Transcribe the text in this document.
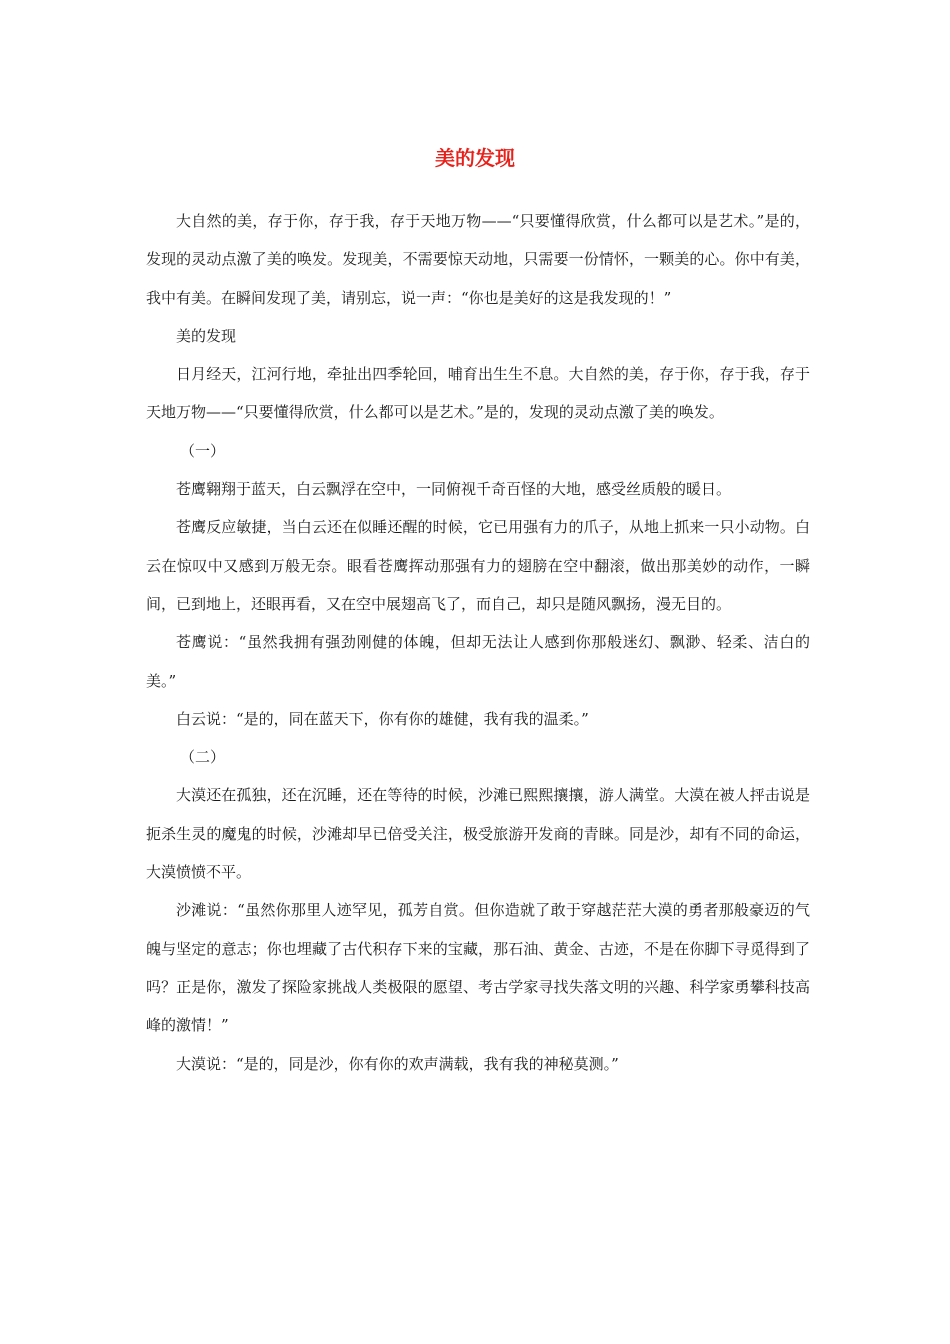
美的发现

大自然的美，存于你，存于我，存于天地万物——“只要懂得欣赏，什么都可以是艺术。”是的，发现的灵动点激了美的唤发。发现美，不需要惊天动地，只需要一份情怀，一颗美的心。你中有美，我中有美。在瞬间发现了美，请别忘，说一声：“你也是美好的这是我发现的！”

美的发现

日月经天，江河行地，牵扯出四季轮回，哺育出生生不息。大自然的美，存于你，存于我，存于天地万物——“只要懂得欣赏，什么都可以是艺术。”是的，发现的灵动点激了美的唤发。

（一）

苍鹰翱翔于蓝天，白云飘浮在空中，一同俯视千奇百怪的大地，感受丝质般的暖日。

苍鹰反应敏捷，当白云还在似睡还醒的时候，它已用强有力的爪子，从地上抓来一只小动物。白云在惊叹中又感到万般无奈。眼看苍鹰挥动那强有力的翅膀在空中翻滚，做出那美妙的动作，一瞬间，已到地上，还眼再看，又在空中展翅高飞了，而自己，却只是随风飘扬，漫无目的。

苍鹰说：“虽然我拥有强劲刚健的体魄，但却无法让人感到你那般迷幻、飘渺、轻柔、洁白的美。”

白云说：“是的，同在蓝天下，你有你的雄健，我有我的温柔。”

（二）

大漠还在孤独，还在沉睡，还在等待的时候，沙滩已熙熙攘攘，游人满堂。大漠在被人抨击说是扼杀生灵的魔鬼的时候，沙滩却早已倍受关注，极受旅游开发商的青睐。同是沙，却有不同的命运，大漠愤愤不平。

沙滩说：“虽然你那里人迹罕见，孤芳自赏。但你造就了敢于穿越茫茫大漠的勇者那般豪迈的气魄与坚定的意志；你也埋藏了古代积存下来的宝藏，那石油、黄金、古迹，不是在你脚下寻觅得到了吗？正是你，激发了探险家挑战人类极限的愿望、考古学家寻找失落文明的兴趣、科学家勇攀科技高峰的激情！”

大漠说：“是的，同是沙，你有你的欢声满载，我有我的神秘莫测。”
